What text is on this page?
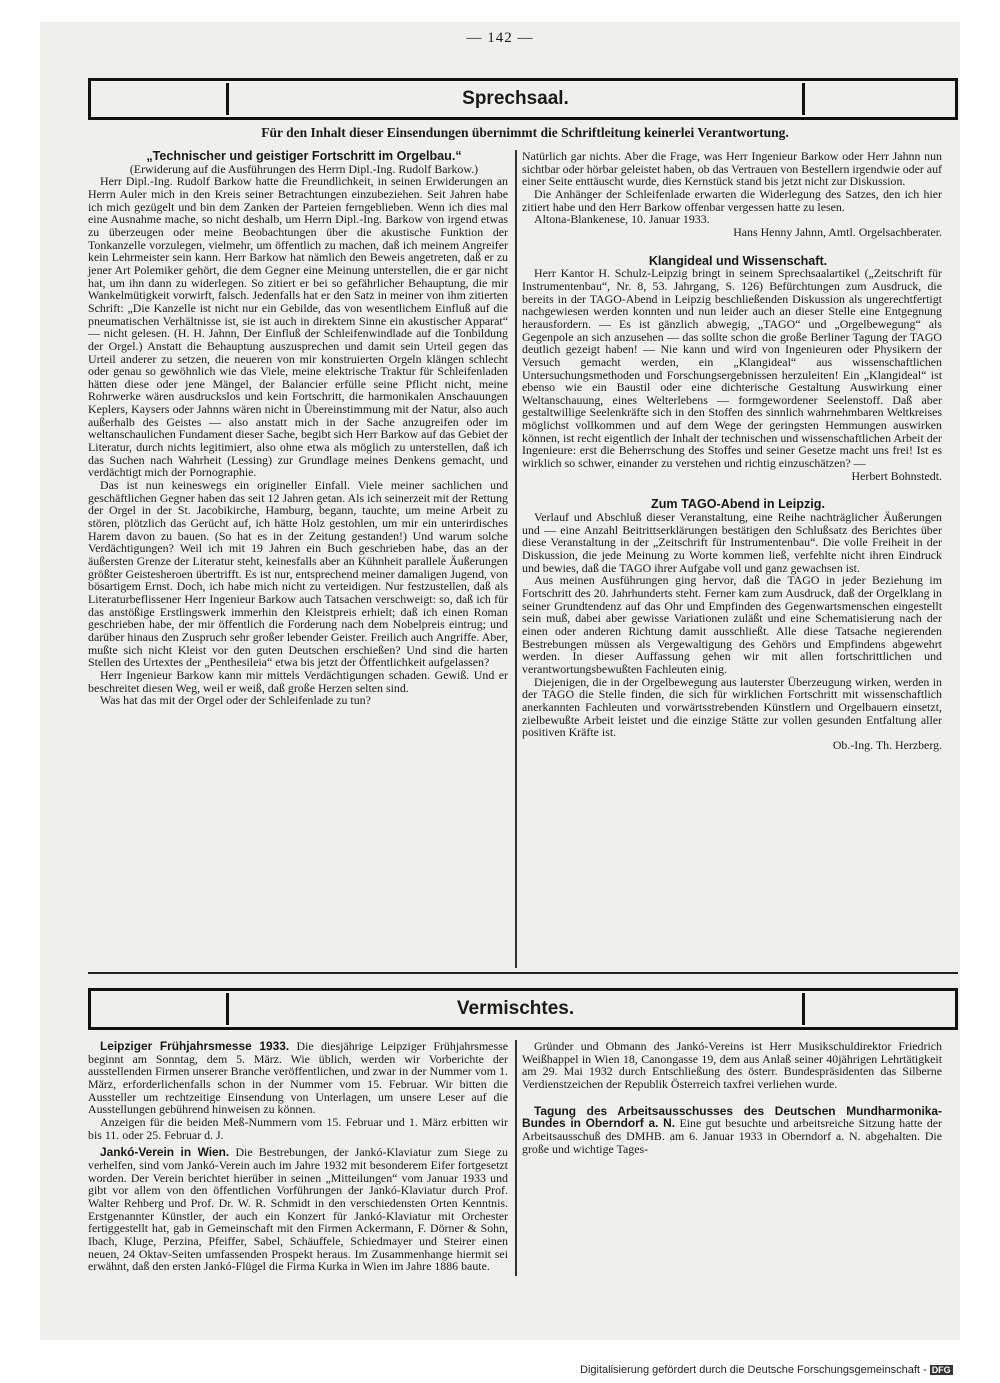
— 142 —
Sprechsaal.
Für den Inhalt dieser Einsendungen übernimmt die Schriftleitung keinerlei Verantwortung.

„Technischer und geistiger Fortschritt im Orgelbau.“

(Erwiderung auf die Ausführungen des Herrn Dipl.-Ing. Rudolf Barkow.)

Herr Dipl.-Ing. Rudolf Barkow hatte die Freundlichkeit, in seinen Erwiderungen an Herrn Auler mich in den Kreis seiner Betrachtungen einzubeziehen. Seit Jahren habe ich mich gezügelt und bin dem Zanken der Parteien ferngeblieben. Wenn ich dies mal eine Ausnahme mache, so nicht deshalb, um Herrn Dipl.-Ing. Barkow von irgend etwas zu überzeugen oder meine Beobachtungen über die akustische Funktion der Tonkanzelle vorzulegen, vielmehr, um öffentlich zu machen, daß ich meinem Angreifer kein Lehrmeister sein kann. Herr Barkow hat nämlich den Beweis angetreten, daß er zu jener Art Polemiker gehört, die dem Gegner eine Meinung unterstellen, die er gar nicht hat, um ihn dann zu widerlegen. So zitiert er bei so gefährlicher Behauptung, die mir Wankelmütigkeit vorwirft, falsch. Jedenfalls hat er den Satz in meiner von ihm zitierten Schrift: „Die Kanzelle ist nicht nur ein Gebilde, das von wesentlichem Einfluß auf die pneumatischen Verhältnisse ist, sie ist auch in direktem Sinne ein akustischer Apparat“ — nicht gelesen. (H. H. Jahnn, Der Einfluß der Schleifenwindlade auf die Tonbildung der Orgel.) Anstatt die Behauptung auszusprechen und damit sein Urteil gegen das Urteil anderer zu setzen, die neueren von mir konstruierten Orgeln klängen schlecht oder genau so gewöhnlich wie das Viele, meine elektrische Traktur für Schleifenladen hätten diese oder jene Mängel, der Balancier erfülle seine Pflicht nicht, meine Rohrwerke wären ausdruckslos und kein Fortschritt, die harmonikalen Anschauungen Keplers, Kaysers oder Jahnns wären nicht in Übereinstimmung mit der Natur, also auch außerhalb des Geistes — also anstatt mich in der Sache anzugreifen oder im weltanschaulichen Fundament dieser Sache, begibt sich Herr Barkow auf das Gebiet der Literatur, durch nichts legitimiert, also ohne etwa als möglich zu unterstellen, daß ich das Suchen nach Wahrheit (Lessing) zur Grundlage meines Denkens gemacht, und verdächtigt mich der Pornographie.

Das ist nun keineswegs ein origineller Einfall. Viele meiner sachlichen und geschäftlichen Gegner haben das seit 12 Jahren getan. Als ich seinerzeit mit der Rettung der Orgel in der St. Jacobikirche, Hamburg, begann, tauchte, um meine Arbeit zu stören, plötzlich das Gerücht auf, ich hätte Holz gestohlen, um mir ein unterirdisches Harem davon zu bauen. (So hat es in der Zeitung gestanden!) Und warum solche Verdächtigungen? Weil ich mit 19 Jahren ein Buch geschrieben habe, das an der äußersten Grenze der Literatur steht, keinesfalls aber an Kühnheit parallele Äußerungen größter Geistesheroen übertrifft. Es ist nur, entsprechend meiner damaligen Jugend, von bösartigem Ernst. Doch, ich habe mich nicht zu verteidigen. Nur festzustellen, daß als Literaturbeflissener Herr Ingenieur Barkow auch Tatsachen verschweigt: so, daß ich für das anstößige Erstlingswerk immerhin den Kleistpreis erhielt; daß ich einen Roman geschrieben habe, der mir öffentlich die Forderung nach dem Nobelpreis eintrug; und darüber hinaus den Zuspruch sehr großer lebender Geister. Freilich auch Angriffe. Aber, mußte sich nicht Kleist vor den guten Deutschen erschießen? Und sind die harten Stellen des Urtextes der „Penthesileia“ etwa bis jetzt der Öffentlichkeit aufgelassen?

Herr Ingenieur Barkow kann mir mittels Verdächtigungen schaden. Gewiß. Und er beschreitet diesen Weg, weil er weiß, daß große Herzen selten sind.

Was hat das mit der Orgel oder der Schleifenlade zu tun?

Natürlich gar nichts. Aber die Frage, was Herr Ingenieur Barkow oder Herr Jahnn nun sichtbar oder hörbar geleistet haben, ob das Vertrauen von Bestellern irgendwie oder auf einer Seite enttäuscht wurde, dies Kernstück stand bis jetzt nicht zur Diskussion.

Die Anhänger der Schleifenlade erwarten die Widerlegung des Satzes, den ich hier zitiert habe und den Herr Barkow offenbar vergessen hatte zu lesen.

Altona-Blankenese, 10. Januar 1933.

Hans Henny Jahnn, Amtl. Orgelsachberater.

Klangideal und Wissenschaft.

Herr Kantor H. Schulz-Leipzig bringt in seinem Sprechsaalartikel („Zeitschrift für Instrumentenbau“, Nr. 8, 53. Jahrgang, S. 126) Befürchtungen zum Ausdruck, die bereits in der TAGO-Abend in Leipzig beschließenden Diskussion als ungerechtfertigt nachgewiesen werden konnten und nun leider auch an dieser Stelle eine Entgegnung herausfordern. — Es ist gänzlich abwegig, „TAGO“ und „Orgelbewegung“ als Gegenpole an sich anzusehen — das sollte schon die große Berliner Tagung der TAGO deutlich gezeigt haben! — Nie kann und wird von Ingenieuren oder Physikern der Versuch gemacht werden, ein „Klangideal“ aus wissenschaftlichen Untersuchungsmethoden und Forschungsergebnissen herzuleiten! Ein „Klangideal“ ist ebenso wie ein Baustil oder eine dichterische Gestaltung Auswirkung einer Weltanschauung, eines Welterlebens — formgewordener Seelenstoff. Daß aber gestaltwillige Seelenkräfte sich in den Stoffen des sinnlich wahrnehmbaren Weltkreises möglichst vollkommen und auf dem Wege der geringsten Hemmungen auswirken können, ist recht eigentlich der Inhalt der technischen und wissenschaftlichen Arbeit der Ingenieure: erst die Beherrschung des Stoffes und seiner Gesetze macht uns frei! Ist es wirklich so schwer, einander zu verstehen und richtig einzuschätzen? —

Herbert Bohnstedt.

Zum TAGO-Abend in Leipzig.

Verlauf und Abschluß dieser Veranstaltung, eine Reihe nachträglicher Äußerungen und — eine Anzahl Beitrittserklärungen bestätigen den Schlußsatz des Berichtes über diese Veranstaltung in der „Zeitschrift für Instrumentenbau“. Die volle Freiheit in der Diskussion, die jede Meinung zu Worte kommen ließ, verfehlte nicht ihren Eindruck und bewies, daß die TAGO ihrer Aufgabe voll und ganz gewachsen ist.

Aus meinen Ausführungen ging hervor, daß die TAGO in jeder Beziehung im Fortschritt des 20. Jahrhunderts steht. Ferner kam zum Ausdruck, daß der Orgelklang in seiner Grundtendenz auf das Ohr und Empfinden des Gegenwartsmenschen eingestellt sein muß, dabei aber gewisse Variationen zuläßt und eine Schematisierung nach der einen oder anderen Richtung damit ausschließt. Alle diese Tatsache negierenden Bestrebungen müssen als Vergewaltigung des Gehörs und Empfindens abgewehrt werden. In dieser Auffassung gehen wir mit allen fortschrittlichen und verantwortungsbewußten Fachleuten einig.

Diejenigen, die in der Orgelbewegung aus lauterster Überzeugung wirken, werden in der TAGO die Stelle finden, die sich für wirklichen Fortschritt mit wissenschaftlich anerkannten Fachleuten und vorwärtsstrebenden Künstlern und Orgelbauern einsetzt, zielbewußte Arbeit leistet und die einzige Stätte zur vollen gesunden Entfaltung aller positiven Kräfte ist.

Ob.-Ing. Th. Herzberg.

Vermischtes.

Leipziger Frühjahrsmesse 1933. Die diesjährige Leipziger Frühjahrsmesse beginnt am Sonntag, dem 5. März. Wie üblich, werden wir Vorberichte der ausstellenden Firmen unserer Branche veröffentlichen, und zwar in der Nummer vom 1. März, erforderlichenfalls schon in der Nummer vom 15. Februar. Wir bitten die Aussteller um rechtzeitige Einsendung von Unterlagen, um unsere Leser auf die Ausstellungen gebührend hinweisen zu können.

Anzeigen für die beiden Meß-Nummern vom 15. Februar und 1. März erbitten wir bis 11. oder 25. Februar d. J.

Jankó-Verein in Wien. Die Bestrebungen, der Jankó-Klaviatur zum Siege zu verhelfen, sind vom Jankó-Verein auch im Jahre 1932 mit besonderem Eifer fortgesetzt worden. Der Verein berichtet hierüber in seinen „Mitteilungen“ vom Januar 1933 und gibt vor allem von den öffentlichen Vorführungen der Jankó-Klaviatur durch Prof. Walter Rehberg und Prof. Dr. W. R. Schmidt in den verschiedensten Orten Kenntnis. Erstgenannter Künstler, der auch ein Konzert für Jankó-Klaviatur mit Orchester fertiggestellt hat, gab in Gemeinschaft mit den Firmen Ackermann, F. Dörner & Sohn, Ibach, Kluge, Perzina, Pfeiffer, Sabel, Schäuffele, Schiedmayer und Steirer einen neuen, 24 Oktav-Seiten umfassenden Prospekt heraus. Im Zusammenhange hiermit sei erwähnt, daß den ersten Jankó-Flügel die Firma Kurka in Wien im Jahre 1886 baute.

Gründer und Obmann des Jankó-Vereins ist Herr Musikschuldirektor Friedrich Weißhappel in Wien 18, Canongasse 19, dem aus Anlaß seiner 40jährigen Lehrtätigkeit am 29. Mai 1932 durch Entschließung des österr. Bundespräsidenten das Silberne Verdienstzeichen der Republik Österreich taxfrei verliehen wurde.

Tagung des Arbeitsausschusses des Deutschen Mundharmonika-Bundes in Oberndorf a. N. Eine gut besuchte und arbeitsreiche Sitzung hatte der Arbeitsausschuß des DMHB. am 6. Januar 1933 in Oberndorf a. N. abgehalten. Die große und wichtige Tages-

Digitalisierung gefördert durch die Deutsche Forschungsgemeinschaft - DFG
